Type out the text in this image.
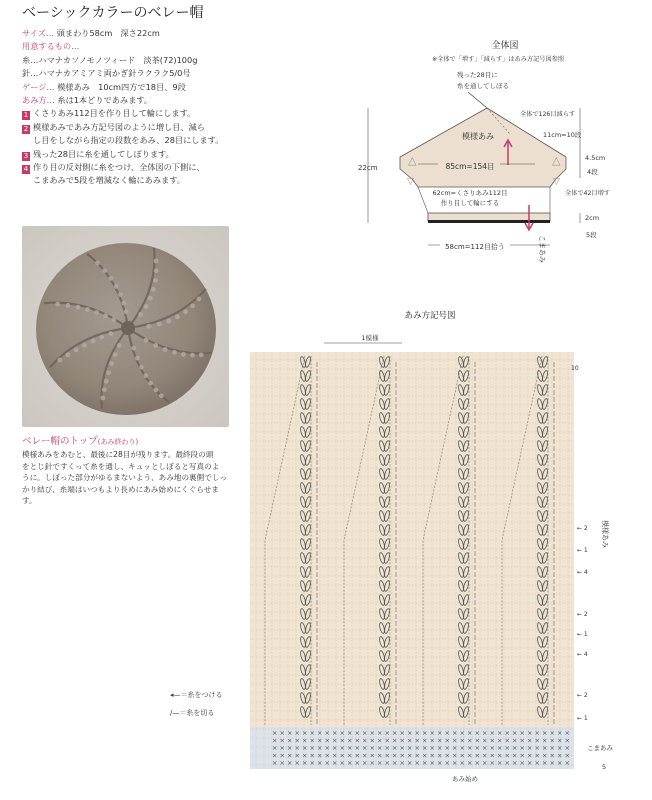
ベーシックカラーのベレー帽
サイズ… 頭まわり58cm　深さ22cm
用意するもの…
糸…ハマナカソノモノツィード　淡茶(72)100g
針…ハマナカアミアミ両かぎ針ラクラク5/0号
ゲージ… 模様あみ　10cm四方で18目、9段
あみ方… 糸は1本どりであみます。
1 くさりあみ112目を作り目して輪にします。
2 模様あみであみ方記号図のように増し目、減ら
し目をしながら指定の段数をあみ、28目にします。
3 残った28目に糸を通してしぼります。
4 作り目の反対側に糸をつけ、全体図の下側に、
こまあみで5段を増減なく輪にあみます。
ベレー帽のトップ(あみ終わり)
模様あみをあむと、最後に28目が残ります。最終段の頭
をとじ針ですくって糸を通し、キュッとしぼると写真のよ
うに。しぼった部分がゆるまないよう、あみ地の裏側でしっ
かり結び、糸端はいつもより長めにあみ始めにくぐらせます。
全体図
※全体で「増す」「減らす」はあみ方記号図参照
残った28目に
糸を通してしぼる
△	△
▽	▽
全体で126目減らす
模様あみ
85cm=154目
62cm=くさりあみ112目
作り目して輪にする
58cm=112目拾う
22cm
11cm=10段
4.5cm
4段
全体で42目増す
2cm
5段
こまあみ
あみ方記号図
1模様
× × × × × × × × × × × × × × × × × × × × × × × × × × × × × × × × × × × × × × × ×
× × × × × × × × × × × × × × × × × × × × × × × × × × × × × × × × × × × × × × × ×
× × × × × × × × × × × × × × × × × × × × × × × × × × × × × × × × × × × × × × × ×
× × × × × × × × × × × × × × × × × × × × × × × × × × × × × × × × × × × × × × × ×
× × × × × × × × × × × × × × × × × × × × × × × × × × × × × × × × × × × × × × × ×
← 2
← 1
← 4
← 2
← 1
← 4
← 2
← 1
10
模様あみ
こまあみ
5
あみ始め
◂—＝糸をつける
∕—＝糸を切る
